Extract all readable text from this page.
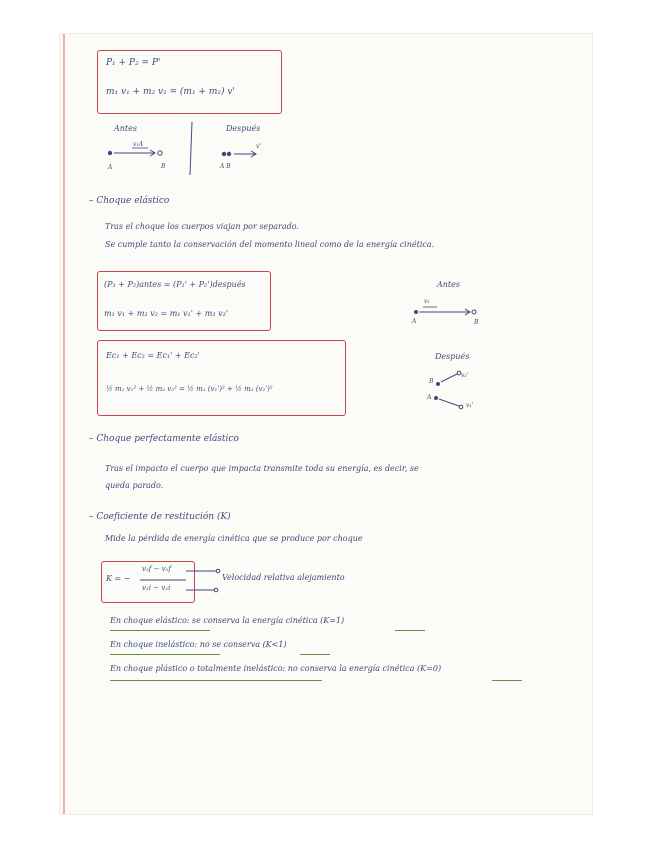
P₁ + P₂ = P'
m₁ v₁ + m₂ v₂ = (m₁ + m₂) v'
Antes	Después
v₁A	v'
A	B	A B
– Choque elástico
Tras el choque los cuerpos viajan por separado.
Se cumple tanto la conservación del momento lineal como de la energía cinética.
(P₁ + P₂)antes = (P₁' + P₂')después
m₁ v₁ + m₂ v₂ = m₁ v₁' + m₂ v₂'
Ec₁ + Ec₂ = Ec₁' + Ec₂'
½ m₁ v₁² + ½ m₂ v₂² = ½ m₁ (v₁')² + ½ m₂ (v₂')²
Antes
v₁
A	B
Después
B
A
v₂'
v₁'
– Choque perfectamente elástico
Tras el impacto el cuerpo que impacta transmite toda su energía, es decir, se
queda parado.
– Coeficiente de restitución (K)
Mide la pérdida de energía cinética que se produce por choque
K = −
v₂f − v₁f
v₁i − v₂i
Velocidad relativa alejamiento
En choque elástico: se conserva la energía cinética (K=1)
En choque inelástico: no se conserva (K<1)
En choque plástico o totalmente inelástico: no conserva la energía cinética (K=0)
